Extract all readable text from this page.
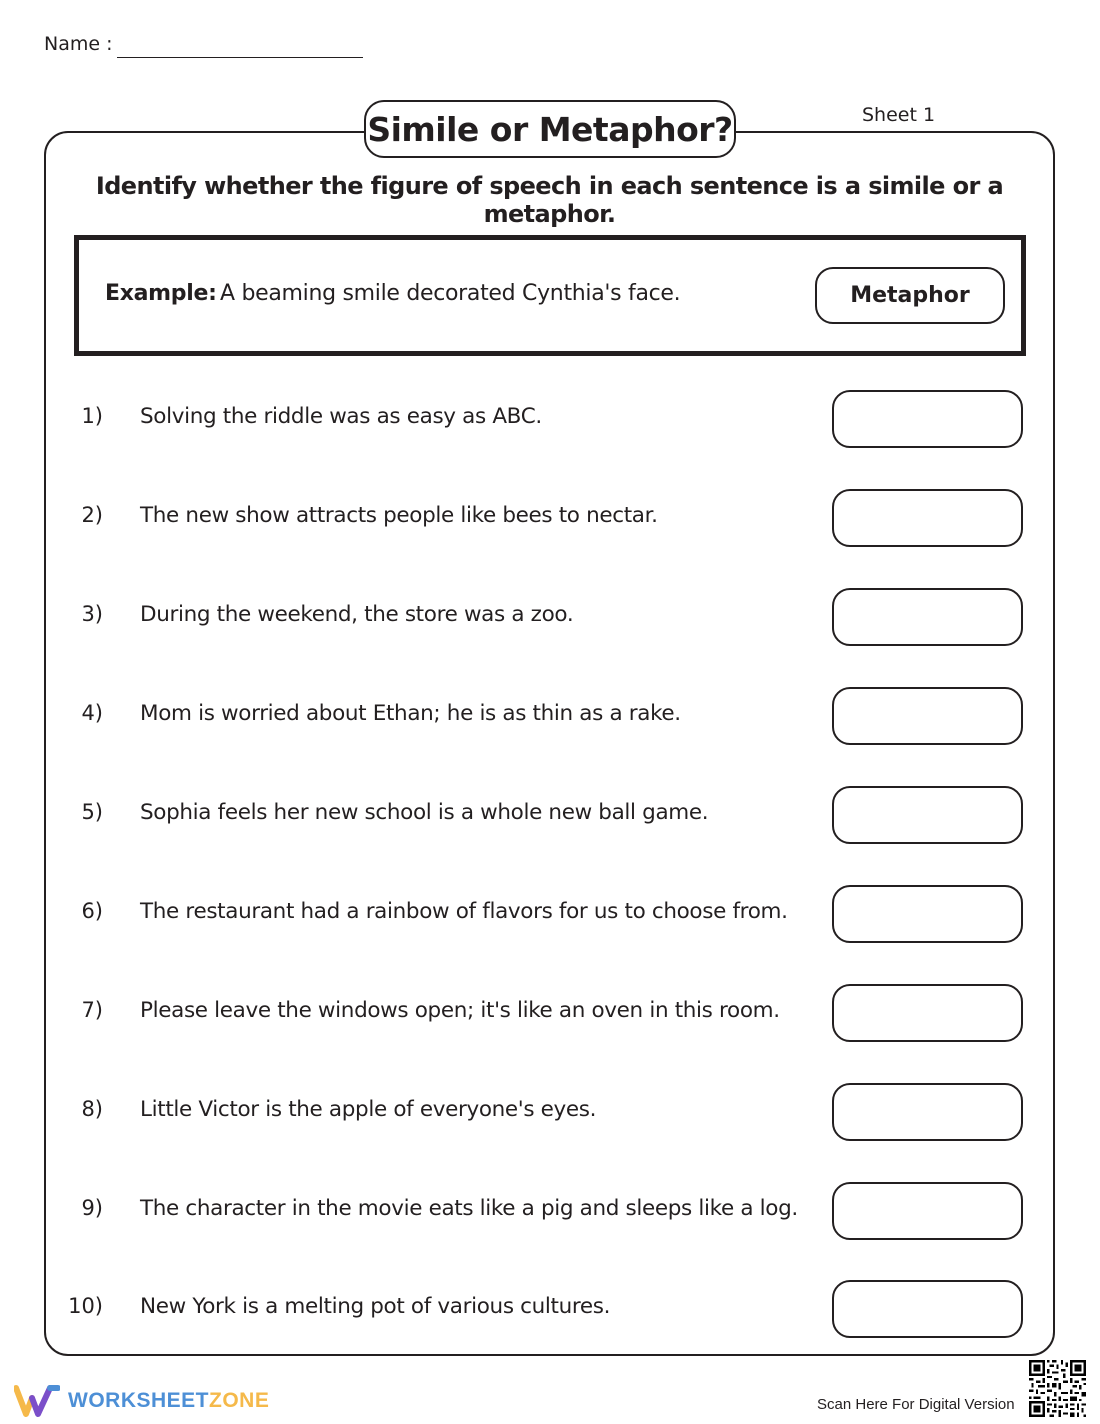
Name :
Simile or Metaphor?	Sheet 1
Identify whether the figure of speech in each sentence is a simile or a metaphor.
Example: A beaming smile decorated Cynthia's face.	Metaphor
1) Solving the riddle was as easy as ABC.
2) The new show attracts people like bees to nectar.
3) During the weekend, the store was a zoo.
4) Mom is worried about Ethan; he is as thin as a rake.
5) Sophia feels her new school is a whole new ball game.
6) The restaurant had a rainbow of flavors for us to choose from.
7) Please leave the windows open; it's like an oven in this room.
8) Little Victor is the apple of everyone's eyes.
9) The character in the movie eats like a pig and sleeps like a log.
10) New York is a melting pot of various cultures.
WORKSHEETZONE	Scan Here For Digital Version
